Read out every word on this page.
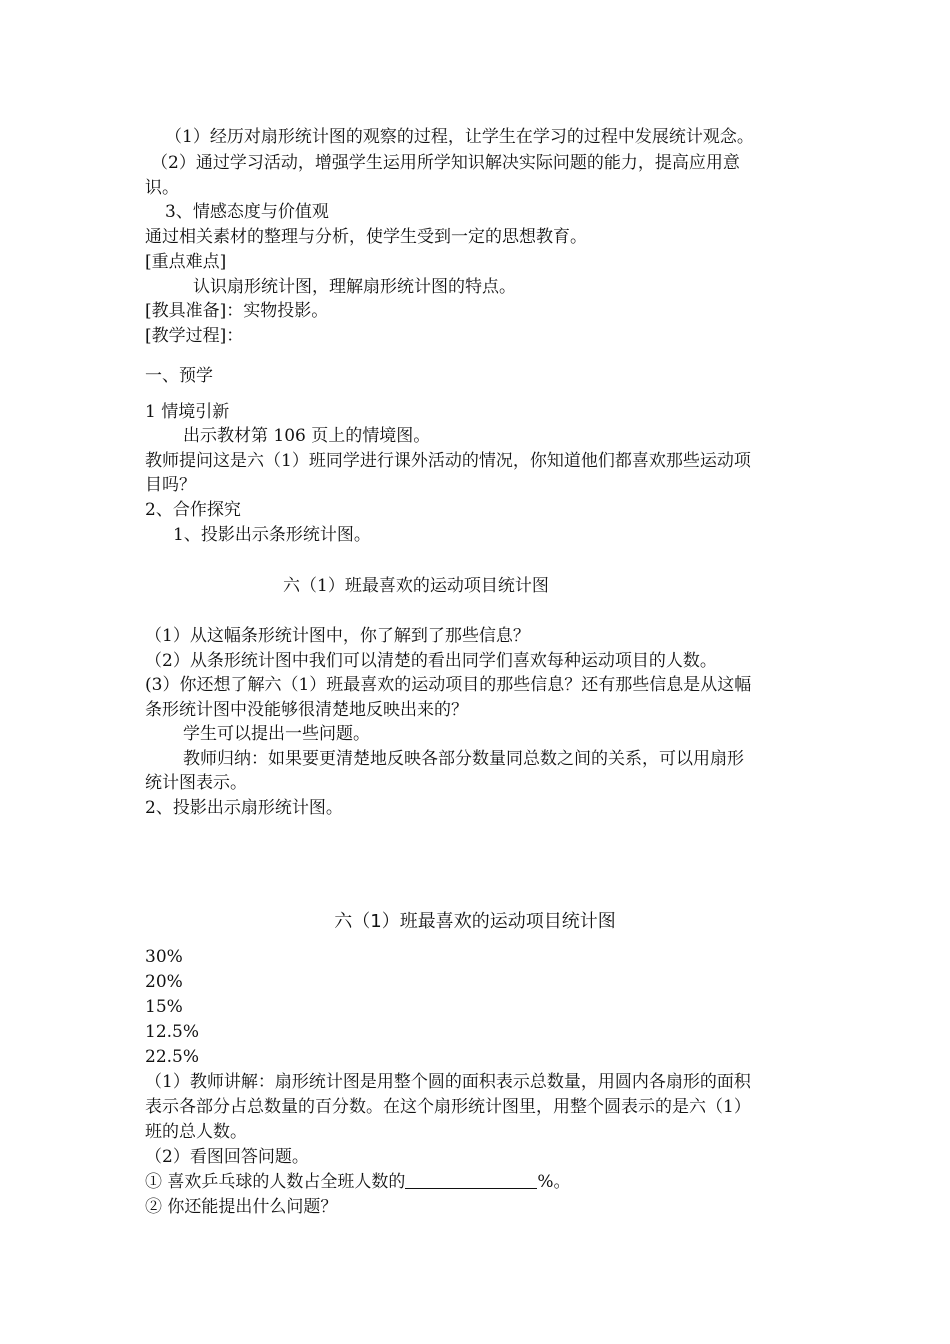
（1）经历对扇形统计图的观察的过程，让学生在学习的过程中发展统计观念。
（2）通过学习活动，增强学生运用所学知识解决实际问题的能力，提高应用意
识。
3、情感态度与价值观
通过相关素材的整理与分析，使学生受到一定的思想教育。
[重点难点]
认识扇形统计图，理解扇形统计图的特点。
[教具准备]：实物投影。
[教学过程]：
一、预学
1 情境引新
出示教材第 106 页上的情境图。
教师提问这是六（1）班同学进行课外活动的情况，你知道他们都喜欢那些运动项
目吗？
2、合作探究
1、投影出示条形统计图。
六（1）班最喜欢的运动项目统计图
（1）从这幅条形统计图中，你了解到了那些信息？
（2）从条形统计图中我们可以清楚的看出同学们喜欢每种运动项目的人数。
(3）你还想了解六（1）班最喜欢的运动项目的那些信息？还有那些信息是从这幅
条形统计图中没能够很清楚地反映出来的？
学生可以提出一些问题。
教师归纳：如果要更清楚地反映各部分数量同总数之间的关系，可以用扇形
统计图表示。
2、投影出示扇形统计图。
六（1）班最喜欢的运动项目统计图
30%
20%
15%
12.5%
22.5%
（1）教师讲解：扇形统计图是用整个圆的面积表示总数量，用圆内各扇形的面积
表示各部分占总数量的百分数。在这个扇形统计图里，用整个圆表示的是六（1）
班的总人数。
（2）看图回答问题。
① 喜欢乒乓球的人数占全班人数的	%。
② 你还能提出什么问题？
